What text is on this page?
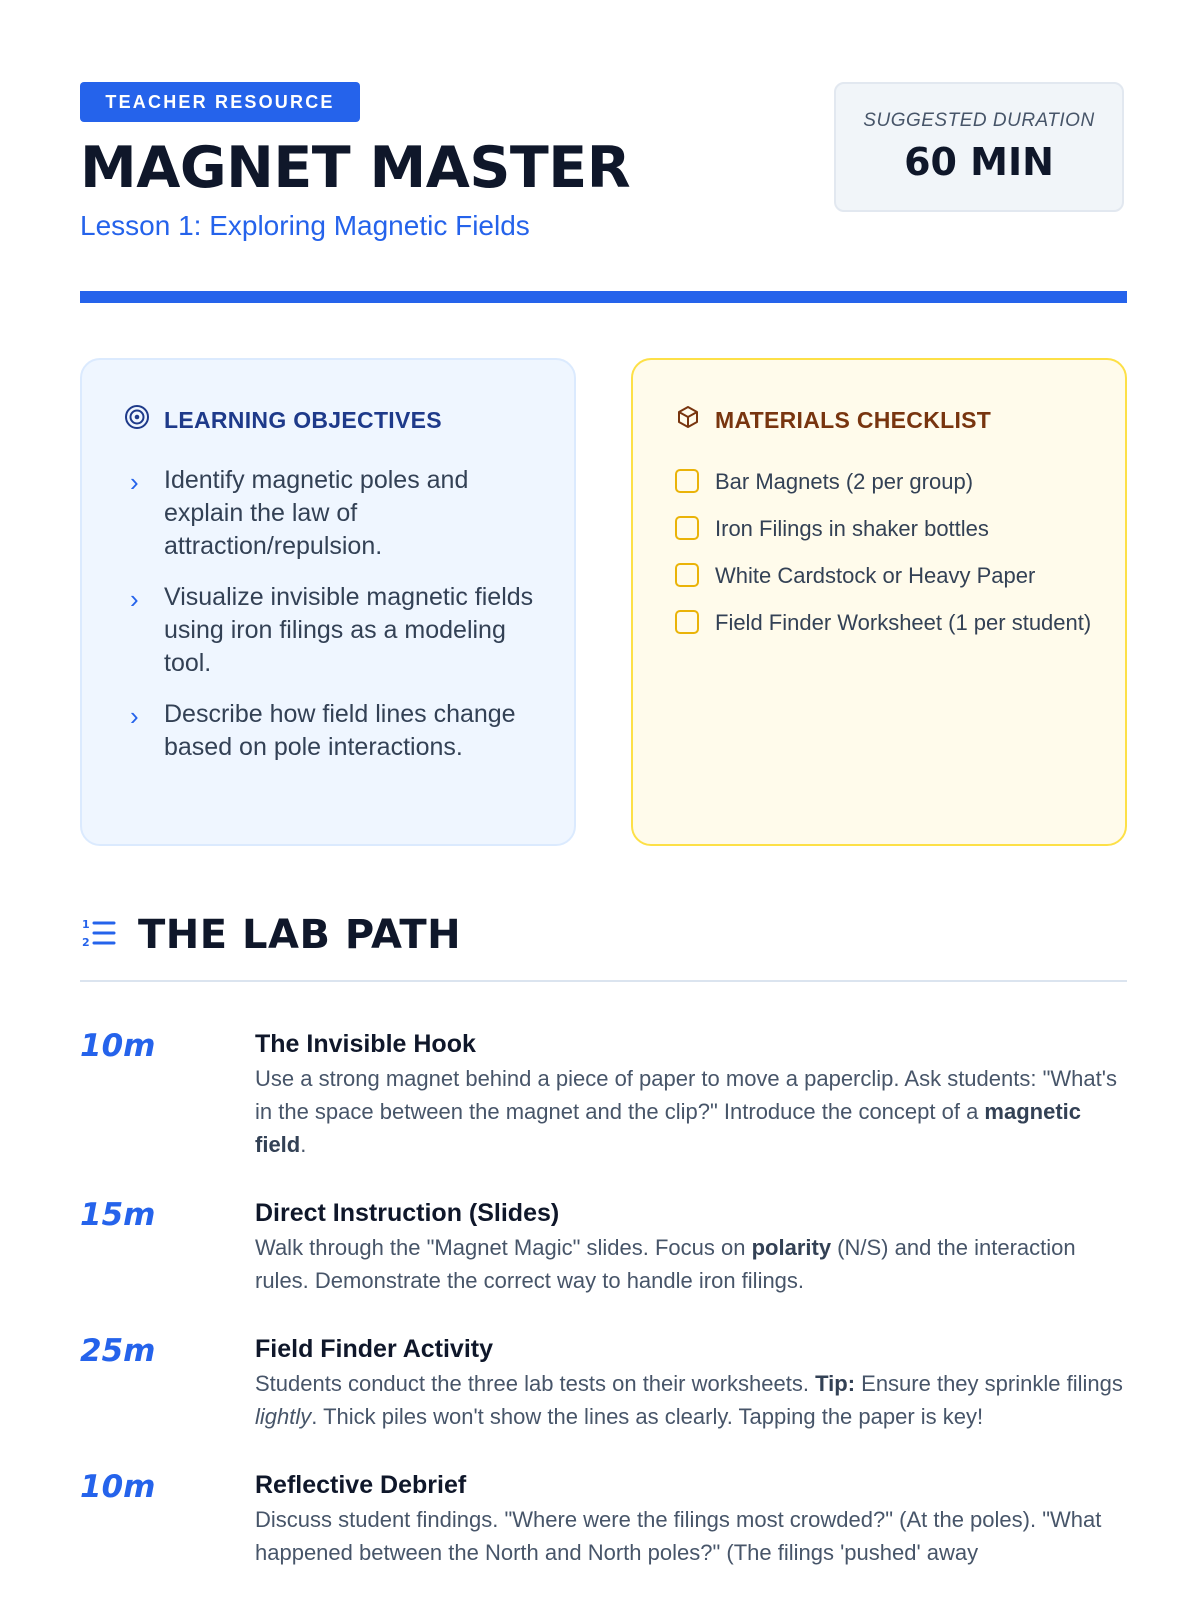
TEACHER RESOURCE
MAGNET MASTER
Lesson 1: Exploring Magnetic Fields
SUGGESTED DURATION
60 MIN
LEARNING OBJECTIVES
›	Identify magnetic poles and explain the law of attraction/repulsion.
›	Visualize invisible magnetic fields using iron filings as a modeling tool.
›	Describe how field lines change based on pole interactions.
MATERIALS CHECKLIST
Bar Magnets (2 per group)
Iron Filings in shaker bottles
White Cardstock or Heavy Paper
Field Finder Worksheet (1 per student)
1
2 THE LAB PATH
10m	The Invisible Hook
Use a strong magnet behind a piece of paper to move a paperclip. Ask students: "What's in the space between the magnet and the clip?" Introduce the concept of a magnetic field.
15m	Direct Instruction (Slides)
Walk through the "Magnet Magic" slides. Focus on polarity (N/S) and the interaction rules. Demonstrate the correct way to handle iron filings.
25m	Field Finder Activity
Students conduct the three lab tests on their worksheets. Tip: Ensure they sprinkle filings lightly. Thick piles won't show the lines as clearly. Tapping the paper is key!
10m	Reflective Debrief
Discuss student findings. "Where were the filings most crowded?" (At the poles). "What happened between the North and North poles?" (The filings 'pushed' away
